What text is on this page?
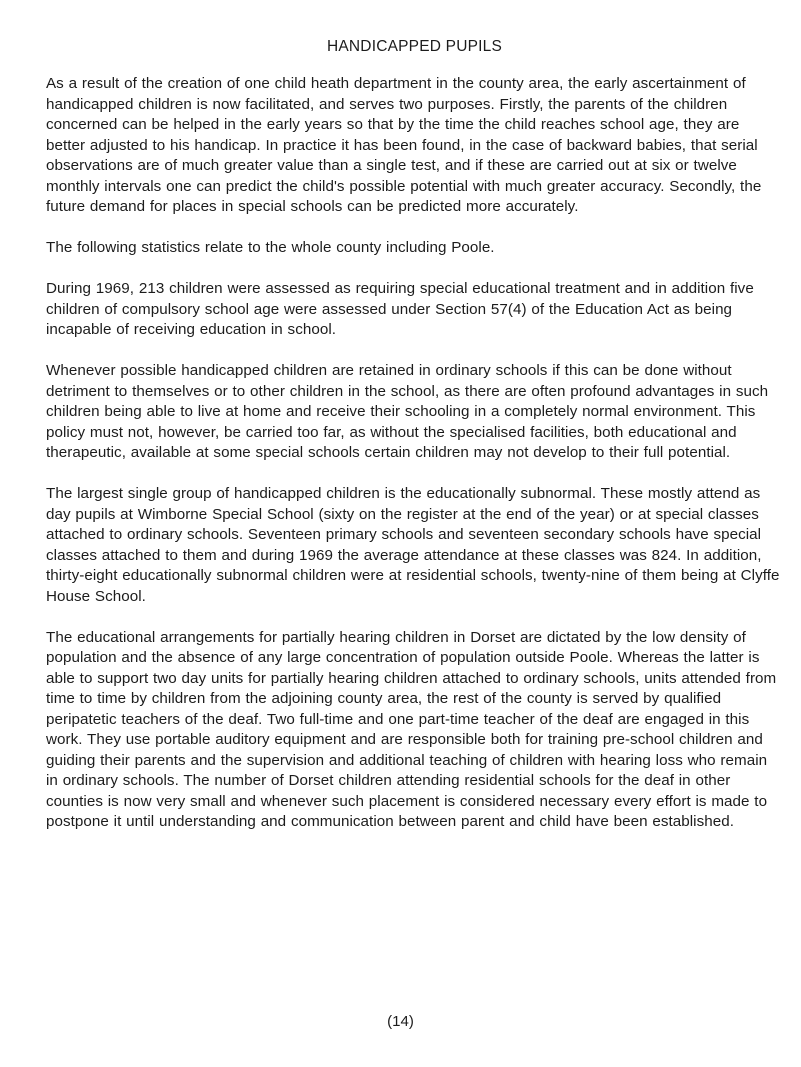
HANDICAPPED PUPILS

As a result of the creation of one child heath department in the county area, the early ascertainment of handicapped children is now facilitated, and serves two purposes. Firstly, the parents of the children concerned can be helped in the early years so that by the time the child reaches school age, they are better adjusted to his handicap. In practice it has been found, in the case of backward babies, that serial observations are of much greater value than a single test, and if these are carried out at six or twelve monthly intervals one can predict the child's possible potential with much greater accuracy. Secondly, the future demand for places in special schools can be predicted more accurately.

The following statistics relate to the whole county including Poole.

During 1969, 213 children were assessed as requiring special educational treatment and in addition five children of compulsory school age were assessed under Section 57(4) of the Education Act as being incapable of receiving education in school.

Whenever possible handicapped children are retained in ordinary schools if this can be done without detriment to themselves or to other children in the school, as there are often profound advantages in such children being able to live at home and receive their schooling in a completely normal environment. This policy must not, however, be carried too far, as without the specialised facilities, both educational and therapeutic, available at some special schools certain children may not develop to their full potential.

The largest single group of handicapped children is the educationally subnormal. These mostly attend as day pupils at Wimborne Special School (sixty on the register at the end of the year) or at special classes attached to ordinary schools. Seventeen primary schools and seventeen secondary schools have special classes attached to them and during 1969 the average attendance at these classes was 824. In addition, thirty-eight educationally subnormal children were at residential schools, twenty-nine of them being at Clyffe House School.

The educational arrangements for partially hearing children in Dorset are dictated by the low density of population and the absence of any large concentration of population outside Poole. Whereas the latter is able to support two day units for partially hearing children attached to ordinary schools, units attended from time to time by children from the adjoining county area, the rest of the county is served by qualified peripatetic teachers of the deaf. Two full-time and one part-time teacher of the deaf are engaged in this work. They use portable auditory equipment and are responsible both for training pre-school children and guiding their parents and the supervision and additional teaching of children with hearing loss who remain in ordinary schools. The number of Dorset children attending residential schools for the deaf in other counties is now very small and whenever such placement is considered necessary every effort is made to postpone it until understanding and communication between parent and child have been established.

(14)
